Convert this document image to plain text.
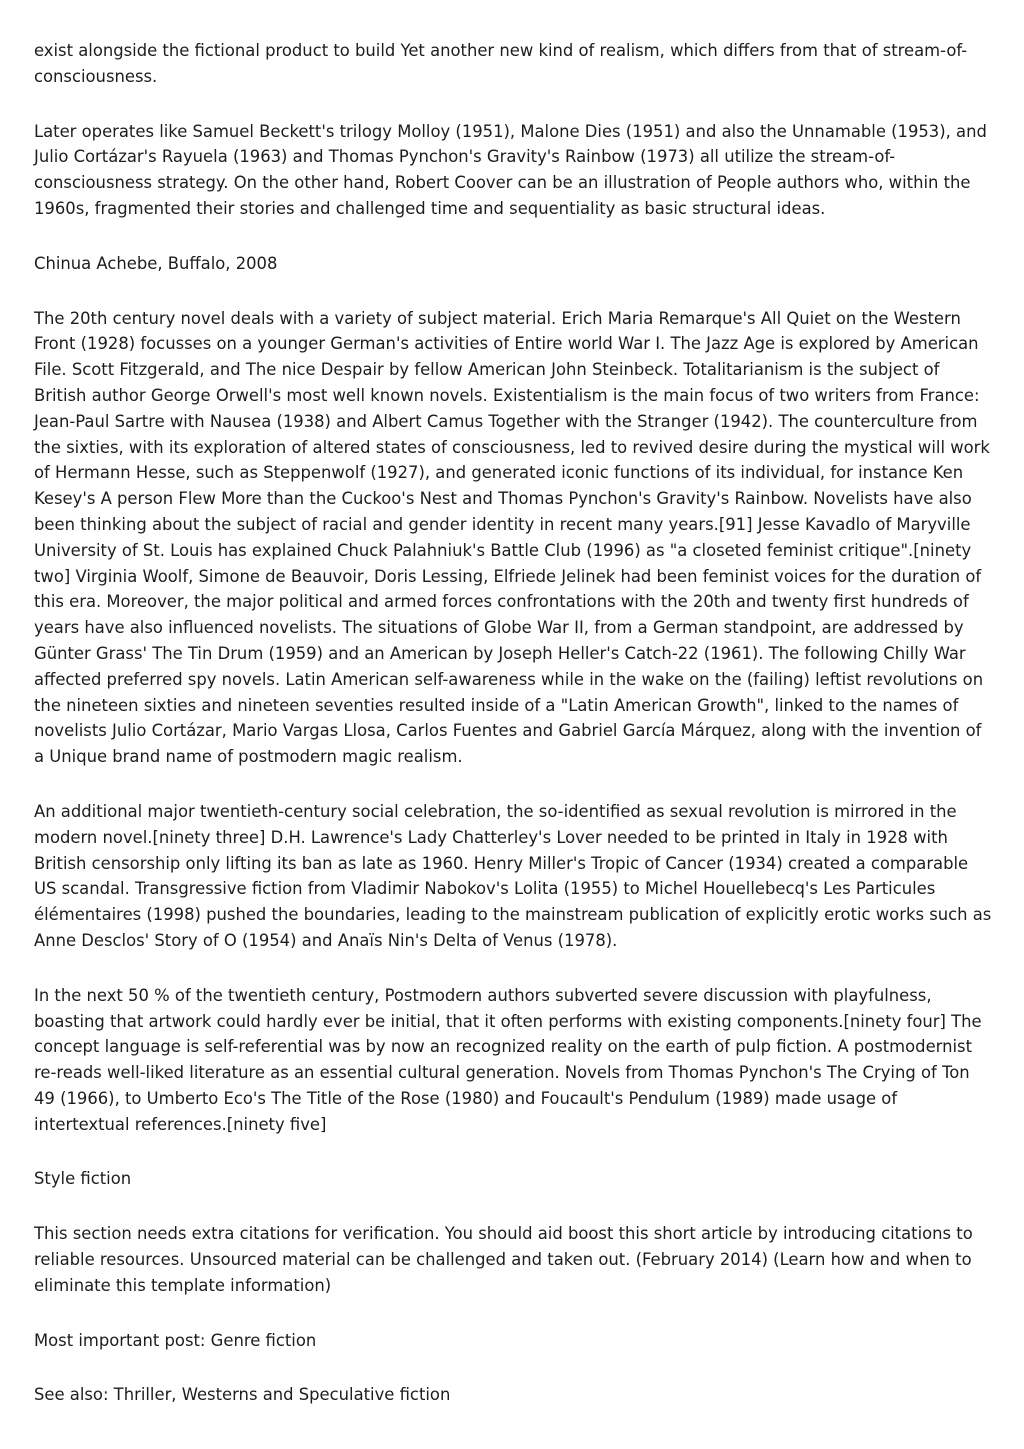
exist alongside the fictional product to build Yet another new kind of realism, which differs from that of stream-of-consciousness.

Later operates like Samuel Beckett's trilogy Molloy (1951), Malone Dies (1951) and also the Unnamable (1953), and Julio Cortázar's Rayuela (1963) and Thomas Pynchon's Gravity's Rainbow (1973) all utilize the stream-of-consciousness strategy. On the other hand, Robert Coover can be an illustration of People authors who, within the 1960s, fragmented their stories and challenged time and sequentiality as basic structural ideas.

Chinua Achebe, Buffalo, 2008

The 20th century novel deals with a variety of subject material. Erich Maria Remarque's All Quiet on the Western Front (1928) focusses on a younger German's activities of Entire world War I. The Jazz Age is explored by American File. Scott Fitzgerald, and The nice Despair by fellow American John Steinbeck. Totalitarianism is the subject of British author George Orwell's most well known novels. Existentialism is the main focus of two writers from France: Jean-Paul Sartre with Nausea (1938) and Albert Camus Together with the Stranger (1942). The counterculture from the sixties, with its exploration of altered states of consciousness, led to revived desire during the mystical will work of Hermann Hesse, such as Steppenwolf (1927), and generated iconic functions of its individual, for instance Ken Kesey's A person Flew More than the Cuckoo's Nest and Thomas Pynchon's Gravity's Rainbow. Novelists have also been thinking about the subject of racial and gender identity in recent many years.[91] Jesse Kavadlo of Maryville University of St. Louis has explained Chuck Palahniuk's Battle Club (1996) as "a closeted feminist critique".[ninety two] Virginia Woolf, Simone de Beauvoir, Doris Lessing, Elfriede Jelinek had been feminist voices for the duration of this era. Moreover, the major political and armed forces confrontations with the 20th and twenty first hundreds of years have also influenced novelists. The situations of Globe War II, from a German standpoint, are addressed by Günter Grass' The Tin Drum (1959) and an American by Joseph Heller's Catch-22 (1961). The following Chilly War affected preferred spy novels. Latin American self-awareness while in the wake on the (failing) leftist revolutions on the nineteen sixties and nineteen seventies resulted inside of a "Latin American Growth", linked to the names of novelists Julio Cortázar, Mario Vargas Llosa, Carlos Fuentes and Gabriel García Márquez, along with the invention of a Unique brand name of postmodern magic realism.

An additional major twentieth-century social celebration, the so-identified as sexual revolution is mirrored in the modern novel.[ninety three] D.H. Lawrence's Lady Chatterley's Lover needed to be printed in Italy in 1928 with British censorship only lifting its ban as late as 1960. Henry Miller's Tropic of Cancer (1934) created a comparable US scandal. Transgressive fiction from Vladimir Nabokov's Lolita (1955) to Michel Houellebecq's Les Particules élémentaires (1998) pushed the boundaries, leading to the mainstream publication of explicitly erotic works such as Anne Desclos' Story of O (1954) and Anaïs Nin's Delta of Venus (1978).

In the next 50 % of the twentieth century, Postmodern authors subverted severe discussion with playfulness, boasting that artwork could hardly ever be initial, that it often performs with existing components.[ninety four] The concept language is self-referential was by now an recognized reality on the earth of pulp fiction. A postmodernist re-reads well-liked literature as an essential cultural generation. Novels from Thomas Pynchon's The Crying of Ton 49 (1966), to Umberto Eco's The Title of the Rose (1980) and Foucault's Pendulum (1989) made usage of intertextual references.[ninety five]

Style fiction

This section needs extra citations for verification. You should aid boost this short article by introducing citations to reliable resources. Unsourced material can be challenged and taken out. (February 2014) (Learn how and when to eliminate this template information)

Most important post: Genre fiction

See also: Thriller, Westerns and Speculative fiction
